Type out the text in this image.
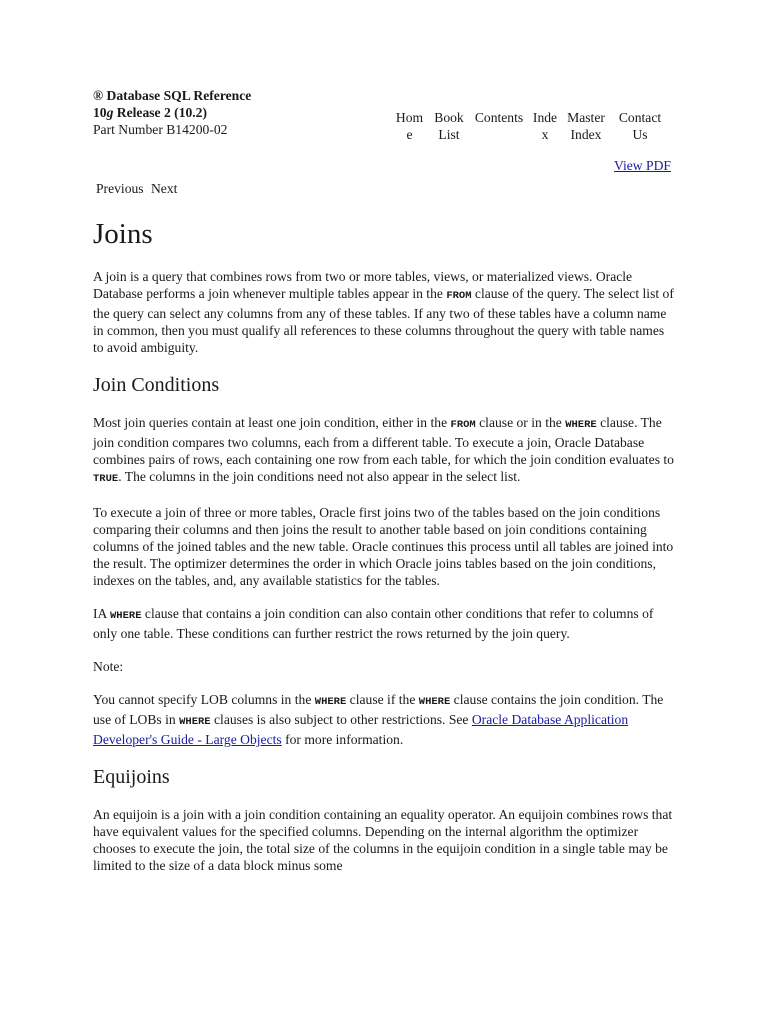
® Database SQL Reference
10g Release 2 (10.2)
Part Number B14200-02
Home
Book List
Contents Index
Master Index
Contact Us
View PDF
Previous Next
Joins

A join is a query that combines rows from two or more tables, views, or materialized views. Oracle Database performs a join whenever multiple tables appear in the FROM clause of the query. The select list of the query can select any columns from any of these tables. If any two of these tables have a column name in common, then you must qualify all references to these columns throughout the query with table names to avoid ambiguity.

Join Conditions

Most join queries contain at least one join condition, either in the FROM clause or in the WHERE clause. The join condition compares two columns, each from a different table. To execute a join, Oracle Database combines pairs of rows, each containing one row from each table, for which the join condition evaluates to TRUE. The columns in the join conditions need not also appear in the select list.

To execute a join of three or more tables, Oracle first joins two of the tables based on the join conditions comparing their columns and then joins the result to another table based on join conditions containing columns of the joined tables and the new table. Oracle continues this process until all tables are joined into the result. The optimizer determines the order in which Oracle joins tables based on the join conditions, indexes on the tables, and, any available statistics for the tables.

IA WHERE clause that contains a join condition can also contain other conditions that refer to columns of only one table. These conditions can further restrict the rows returned by the join query.

Note:

You cannot specify LOB columns in the WHERE clause if the WHERE clause contains the join condition. The use of LOBs in WHERE clauses is also subject to other restrictions. See Oracle Database Application Developer's Guide - Large Objects for more information.

Equijoins

An equijoin is a join with a join condition containing an equality operator. An equijoin combines rows that have equivalent values for the specified columns. Depending on the internal algorithm the optimizer chooses to execute the join, the total size of the columns in the equijoin condition in a single table may be limited to the size of a data block minus some
